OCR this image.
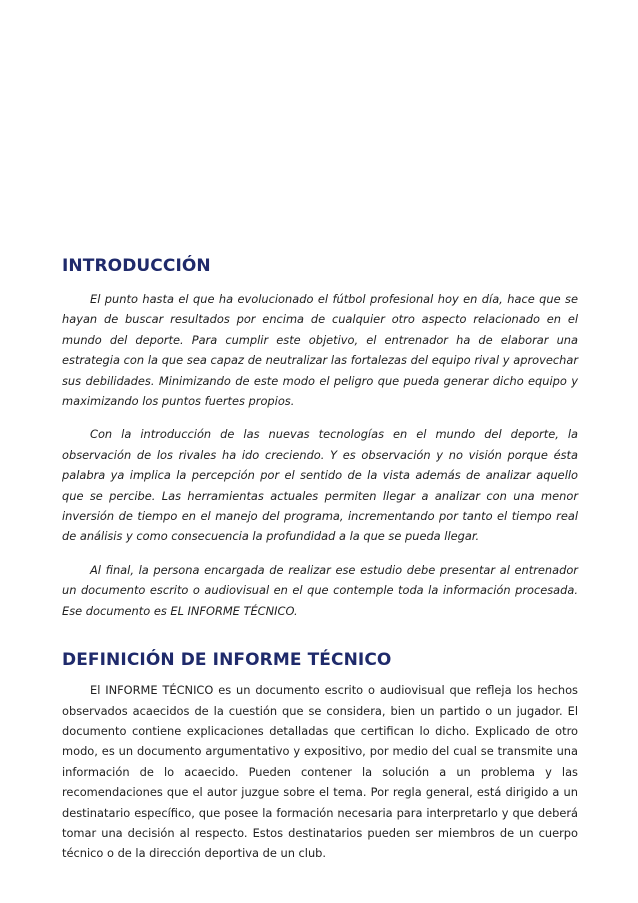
INTRODUCCIÓN

El punto hasta el que ha evolucionado el fútbol profesional hoy en día, hace que se hayan de buscar resultados por encima de cualquier otro aspecto relacionado en el mundo del deporte. Para cumplir este objetivo, el entrenador ha de elaborar una estrategia con la que sea capaz de neutralizar las fortalezas del equipo rival y aprovechar sus debilidades. Minimizando de este modo el peligro que pueda generar dicho equipo y maximizando los puntos fuertes propios.

Con la introducción de las nuevas tecnologías en el mundo del deporte, la observación de los rivales ha ido creciendo. Y es observación y no visión porque ésta palabra ya implica la percepción por el sentido de la vista además de analizar aquello que se percibe. Las herramientas actuales permiten llegar a analizar con una menor inversión de tiempo en el manejo del programa, incrementando por tanto el tiempo real de análisis y como consecuencia la profundidad a la que se pueda llegar.

Al final, la persona encargada de realizar ese estudio debe presentar al entrenador un documento escrito o audiovisual en el que contemple toda la información procesada. Ese documento es EL INFORME TÉCNICO.

DEFINICIÓN DE INFORME TÉCNICO

El INFORME TÉCNICO es un documento escrito o audiovisual que refleja los hechos observados acaecidos de la cuestión que se considera, bien un partido o un jugador. El documento contiene explicaciones detalladas que certifican lo dicho. Explicado de otro modo, es un documento argumentativo y expositivo, por medio del cual se transmite una información de lo acaecido. Pueden contener la solución a un problema y las recomendaciones que el autor juzgue sobre el tema. Por regla general, está dirigido a un destinatario específico, que posee la formación necesaria para interpretarlo y que deberá tomar una decisión al respecto. Estos destinatarios pueden ser miembros de un cuerpo técnico o de la dirección deportiva de un club.
